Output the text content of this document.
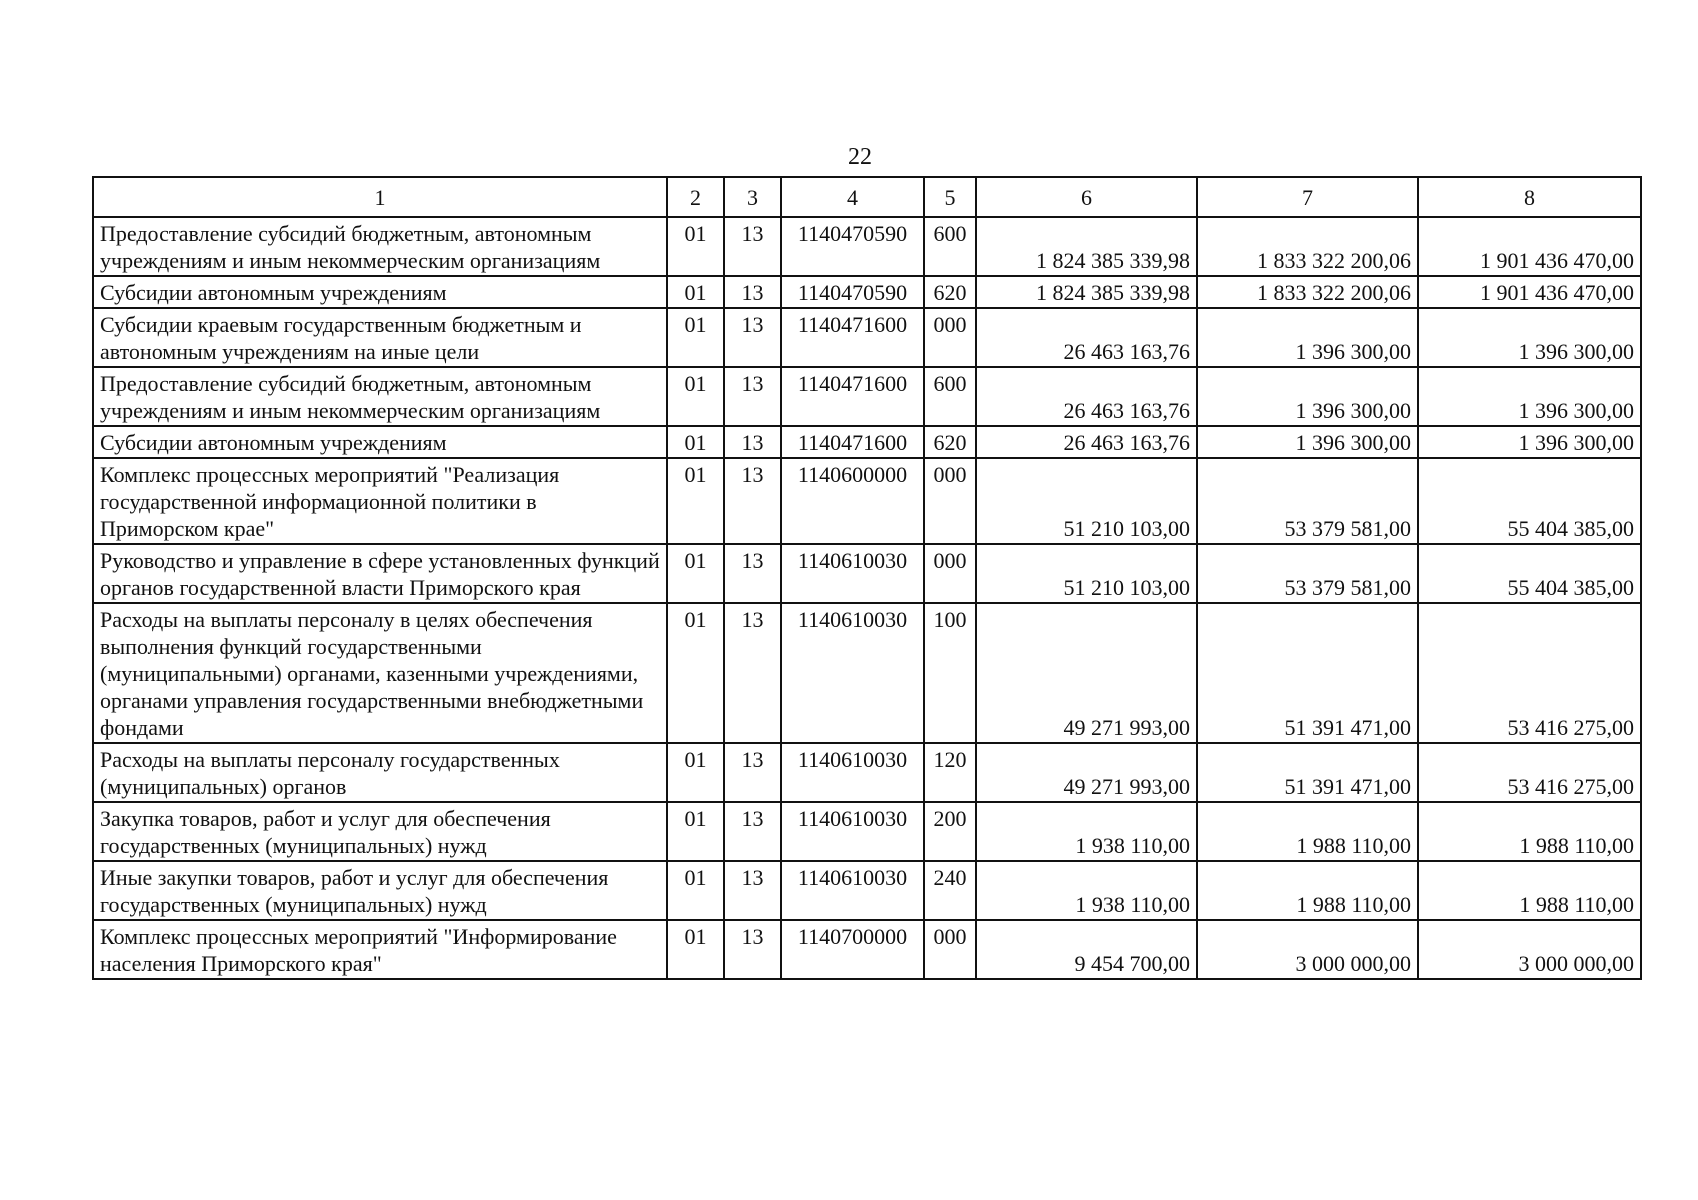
22
1	2	3	4	5	6	7	8
Предоставление субсидий бюджетным, автономным учреждениям и иным некоммерческим организациям	01	13	1140470590	600	1 824 385 339,98	1 833 322 200,06	1 901 436 470,00
Субсидии автономным учреждениям	01	13	1140470590	620	1 824 385 339,98	1 833 322 200,06	1 901 436 470,00
Субсидии краевым государственным бюджетным и автономным учреждениям на иные цели	01	13	1140471600	000	26 463 163,76	1 396 300,00	1 396 300,00
Предоставление субсидий бюджетным, автономным учреждениям и иным некоммерческим организациям	01	13	1140471600	600	26 463 163,76	1 396 300,00	1 396 300,00
Субсидии автономным учреждениям	01	13	1140471600	620	26 463 163,76	1 396 300,00	1 396 300,00
Комплекс процессных мероприятий "Реализация государственной информационной политики в Приморском крае"	01	13	1140600000	000	51 210 103,00	53 379 581,00	55 404 385,00
Руководство и управление в сфере установленных функций органов государственной власти Приморского края	01	13	1140610030	000	51 210 103,00	53 379 581,00	55 404 385,00
Расходы на выплаты персоналу в целях обеспечения выполнения функций государственными (муниципальными) органами, казенными учреждениями, органами управления государственными внебюджетными фондами	01	13	1140610030	100	49 271 993,00	51 391 471,00	53 416 275,00
Расходы на выплаты персоналу государственных (муниципальных) органов	01	13	1140610030	120	49 271 993,00	51 391 471,00	53 416 275,00
Закупка товаров, работ и услуг для обеспечения государственных (муниципальных) нужд	01	13	1140610030	200	1 938 110,00	1 988 110,00	1 988 110,00
Иные закупки товаров, работ и услуг для обеспечения государственных (муниципальных) нужд	01	13	1140610030	240	1 938 110,00	1 988 110,00	1 988 110,00
Комплекс процессных мероприятий "Информирование населения Приморского края"	01	13	1140700000	000	9 454 700,00	3 000 000,00	3 000 000,00
